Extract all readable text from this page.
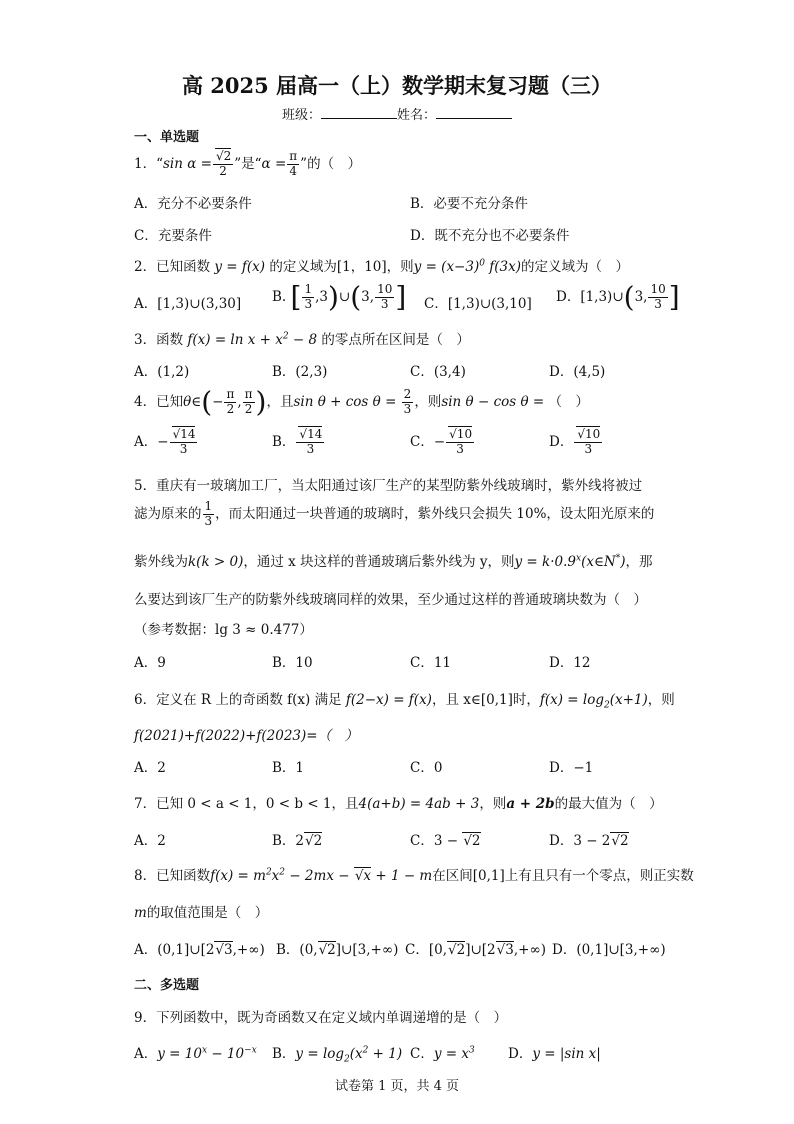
高 2025 届高一（上）数学期末复习题（三）
班级：	姓名：
一、单选题
1．“sin $\alpha = \frac{√2}{2}$ ”是“$\alpha = \frac{\pi}{4}$ ”的（　）
A．充分不必要条件	B．必要不充分条件
C．充要条件	D．既不充分也不必要条件
2．已知函数 y = f(x) 的定义域为[1，10]，则$y = (x-3)^0$ f(3x)的定义域为（　）
A．[1,3)∪(3,30] B. [ $\frac{1}{3}$ ,3)∪(3, $\frac{10}{3}$ ] C．[1,3)∪(3,10] D．[1,3)∪(3, $\frac{10}{3}$ ]
3．函数 $f(x) = \ln x + x^2 - 8$ 的零点所在区间是（　）
A．(1,2)	B．(2,3)	C．(3,4)	D．(4,5)
4．已知θ∈(− $\frac{\pi}{2}$ , $\frac{\pi}{2}$ )，且$\sin \theta + \cos \theta = \frac{2}{3}$ ，则sin θ − cos θ = （　）
A．− $\frac{√14}{3}$	B． $\frac{√14}{3}$	C．− $\frac{√10}{3}$	D． $\frac{√10}{3}$
5．重庆有一玻璃加工厂，当太阳通过该厂生产的某型防紫外线玻璃时，紫外线将被过
滤为原来的 $\frac{1}{3}$ ，而太阳通过一块普通的玻璃时，紫外线只会损失 10%，设太阳光原来的
紫外线为k(k > 0)，通过 x 块这样的普通玻璃后紫外线为 y，则$y = k\cdot 0.9^x(x\in N^*)$，那
么要达到该厂生产的防紫外线玻璃同样的效果，至少通过这样的普通玻璃块数为（　）
（参考数据：lg 3 ≈ 0.477）
A．9	B．10	C．11	D．12
6．定义在 R 上的奇函数 f(x) 满足 f(2−x) = f(x)，且 x∈[0,1]时，$f(x) = \log_2(x+1)$，则
f(2021)+f(2022)+f(2023)=（　）
A．2	B．1	C．0	D．−1
7．已知 0 < a < 1，0 < b < 1，且4(a+b) = 4ab + 3，则a + 2b的最大值为（　）
A．2	B．2√2	C．3 − √2	D．3 − 2√2
8．已知函数$f(x) = m^2x^2 - 2mx - √x + 1 - m$在区间[0,1]上有且只有一个零点，则正实数
m的取值范围是（　）
A．(0,1]∪[2√3,+∞) B．(0,√2]∪[3,+∞) C．[0,√2]∪[2√3,+∞) D．(0,1]∪[3,+∞)
二、多选题
9．下列函数中，既为奇函数又在定义域内单调递增的是（　）
A．$y = 10^x - 10^{-x}$ B．$y = \log_2(x^2 + 1)$ C．$y = x^3$ D．y = |sin x|
试卷第 1 页，共 4 页
